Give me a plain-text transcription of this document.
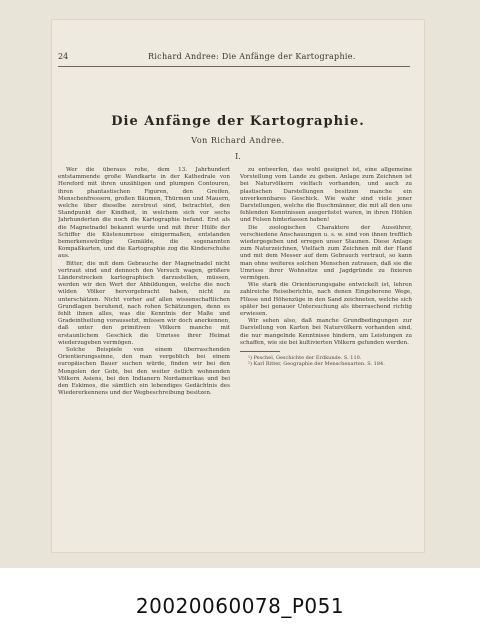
24	Richard Andree: Die Anfänge der Kartographie.
Die Anfänge der Kartographie.
Von Richard Andree.
I.

Wer die überaus rohe, dem 13. Jahrhundert entstammende große Wandkarte in der Kathedrale von Hereford mit ihren unzähligen und plumpen Contouren, ihren phantastischen Figuren, den Greifen, Menschenfressern, großen Bäumen, Thürmen und Mauern, welche über dieselbe zerstreut sind, betrachtet, den Standpunkt der Kindheit, in welchem sich vor sechs Jahrhunderten die noch die Kartographie befand. Erst als die Magnetnadel bekannt wurde und mit ihrer Hülfe der Schiffer die Küstenumrisse einigermaßen, entstanden bemerkenswürdige Gemälde, die sogenannten Kompaßkarten, und die Kartographie zog die Kinderschuhe aus.

Bitter, die mit dem Gebrauche der Magnetnadel nicht vertraut sind und dennoch den Versuch wagen, größere Länderstrecken kartographisch darzustellen, müssen, werden wir den Wert der Abbildungen, welche die noch wilden Völker hervorgebracht haben, nicht zu unterschätzen. Nicht vorher auf allen wissenschaftlichen Grundlagen beruhend, nach rohen Schätzungen, denn es fehlt ihnen alles, was die Kenntnis der Maße und Gradeintheilung voraussetzt, müssen wir doch anerkennen, daß unter den primitiven Völkern manche mit erstaunlichem Geschick die Umrisse ihrer Heimat wiederzugeben vermögen.

Solche Beispiele von einem überraschenden Orientierungssinne, den man vergeblich bei einem europäischen Bauer suchen würde, finden wir bei den Mongolen der Gobi, bei den weiter östlich wohnenden Völkern Asiens, bei den Indianern Nordamerikas und bei den Eskimos, die sämtlich ein lebendiges Gedächtnis des Wiedererkennens und der Wegbeschreibung besitzen.

zu entwerfen, das wohl geeignet ist, eine allgemeine Vorstellung vom Lande zu geben. Anlage zum Zeichnen ist bei Naturvölkern vielfach vorhanden, und auch zu plastischen Darstellungen besitzen manche ein unverkennbares Geschick. Wie wahr sind viele jener Darstellungen, welche die Buschmänner, die mit all den uns fehlenden Kenntnissen ausgerüstet waren, in ihren Höhlen und Felsen hinterlassen haben!

Die zoologischen Charaktere der Aussührer, verschiedene Anschauungen u. s. w. sind von ihnen trefflich wiedergegeben und erregen unser Staunen. Diese Anlage zum Naturzeichnen, Vielfach zum Zeichnen mit der Hand und mit dem Messer auf dem Gebrauch vertraut, so kann man ohne weiteres solchen Menschen zutrauen, daß sie die Umrisse ihrer Wohnsitze und Jagdgründe zu fixieren vermögen.

Wie stark die Orientierungsgabe entwickelt ist, lehren zahlreiche Reiseberichte, nach denen Eingeborene Wege, Flüsse und Höhenzüge in den Sand zeichneten, welche sich später bei genauer Untersuchung als überraschend richtig erwiesen.

Wir sehen also, daß manche Grundbedingungen zur Darstellung von Karten bei Naturvölkern vorhanden sind, die nur mangelnde Kenntnisse hindern, um Leistungen zu schaffen, wie sie bei kultivierten Völkern gefunden werden.

¹) Peschel, Geschichte der Erdkunde. S. 110.

²) Karl Ritter, Geographie der Menschenarten. S. 184.

20020060078_P051
